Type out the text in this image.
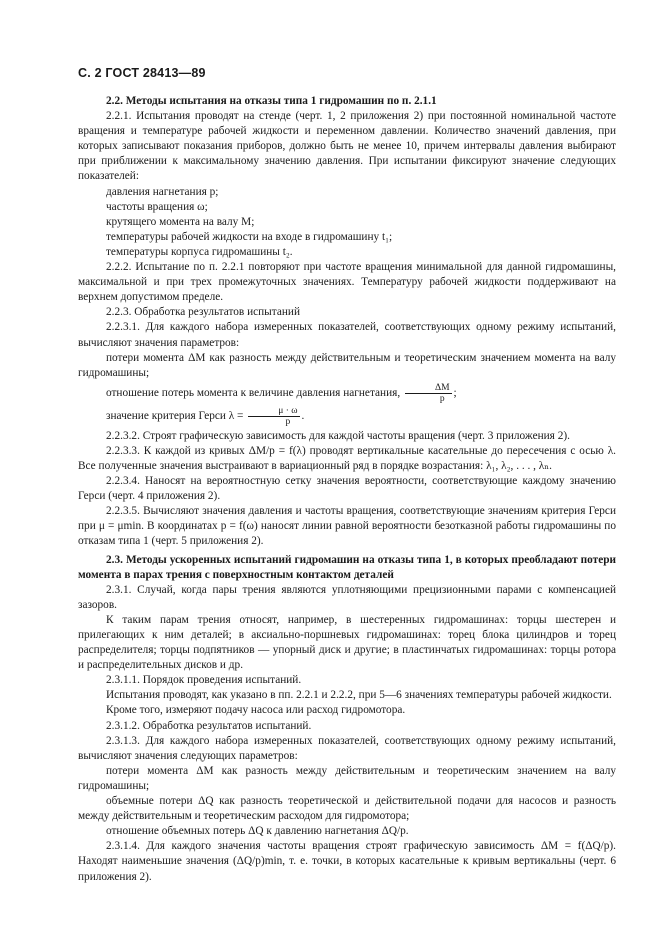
С. 2 ГОСТ 28413—89

2.2. Методы испытания на отказы типа 1 гидромашин по п. 2.1.1

2.2.1. Испытания проводят на стенде (черт. 1, 2 приложения 2) при постоянной номинальной частоте вращения и температуре рабочей жидкости и переменном давлении. Количество значений давления, при которых записывают показания приборов, должно быть не менее 10, причем интервалы давления выбирают при приближении к максимальному значению давления. При испытании фиксируют значение следующих показателей:

давления нагнетания p;

частоты вращения ω;

крутящего момента на валу M;

температуры рабочей жидкости на входе в гидромашину t₁;

температуры корпуса гидромашины t₂.

2.2.2. Испытание по п. 2.2.1 повторяют при частоте вращения минимальной для данной гидромашины, максимальной и при трех промежуточных значениях. Температуру рабочей жидкости поддерживают на верхнем допустимом пределе.

2.2.3. Обработка результатов испытаний

2.2.3.1. Для каждого набора измеренных показателей, соответствующих одному режиму испытаний, вычисляют значения параметров:

потери момента ΔM как разность между действительным и теоретическим значением момента на валу гидромашины;

отношение потерь момента к величине давления нагнетания, $\frac{\Delta M}{p}$ ;

значение критерия Герси $\lambda = \frac{\mu \cdot \omega}{p}$ .

2.2.3.2. Строят графическую зависимость для каждой частоты вращения (черт. 3 приложения 2).

2.2.3.3. К каждой из кривых ΔM/p = f(λ) проводят вертикальные касательные до пересечения с осью λ. Все полученные значения выстраивают в вариационный ряд в порядке возрастания: λ₁, λ₂, . . . , λₙ.

2.2.3.4. Наносят на вероятностную сетку значения вероятности, соответствующие каждому значению Герси (черт. 4 приложения 2).

2.2.3.5. Вычисляют значения давления и частоты вращения, соответствующие значениям критерия Герси при μ = μmin. В координатах p = f(ω) наносят линии равной вероятности безотказной работы гидромашины по отказам типа 1 (черт. 5 приложения 2).

2.3. Методы ускоренных испытаний гидромашин на отказы типа 1, в которых преобладают потери момента в парах трения с поверхностным контактом деталей

2.3.1. Случай, когда пары трения являются уплотняющими прецизионными парами с компенсацией зазоров.

К таким парам трения относят, например, в шестеренных гидромашинах: торцы шестерен и прилегающих к ним деталей; в аксиально-поршневых гидромашинах: торец блока цилиндров и торец распределителя; торцы подпятников — упорный диск и другие; в пластинчатых гидромашинах: торцы ротора и распределительных дисков и др.

2.3.1.1. Порядок проведения испытаний.

Испытания проводят, как указано в пп. 2.2.1 и 2.2.2, при 5—6 значениях температуры рабочей жидкости.

Кроме того, измеряют подачу насоса или расход гидромотора.

2.3.1.2. Обработка результатов испытаний.

2.3.1.3. Для каждого набора измеренных показателей, соответствующих одному режиму испытаний, вычисляют значения следующих параметров:

потери момента ΔM как разность между действительным и теоретическим значением на валу гидромашины;

объемные потери ΔQ как разность теоретической и действительной подачи для насосов и разность между действительным и теоретическим расходом для гидромотора;

отношение объемных потерь ΔQ к давлению нагнетания ΔQ/p.

2.3.1.4. Для каждого значения частоты вращения строят графическую зависимость ΔM = f(ΔQ/p). Находят наименьшие значения (ΔQ/p)min, т. е. точки, в которых касательные к кривым вертикальны (черт. 6 приложения 2).
